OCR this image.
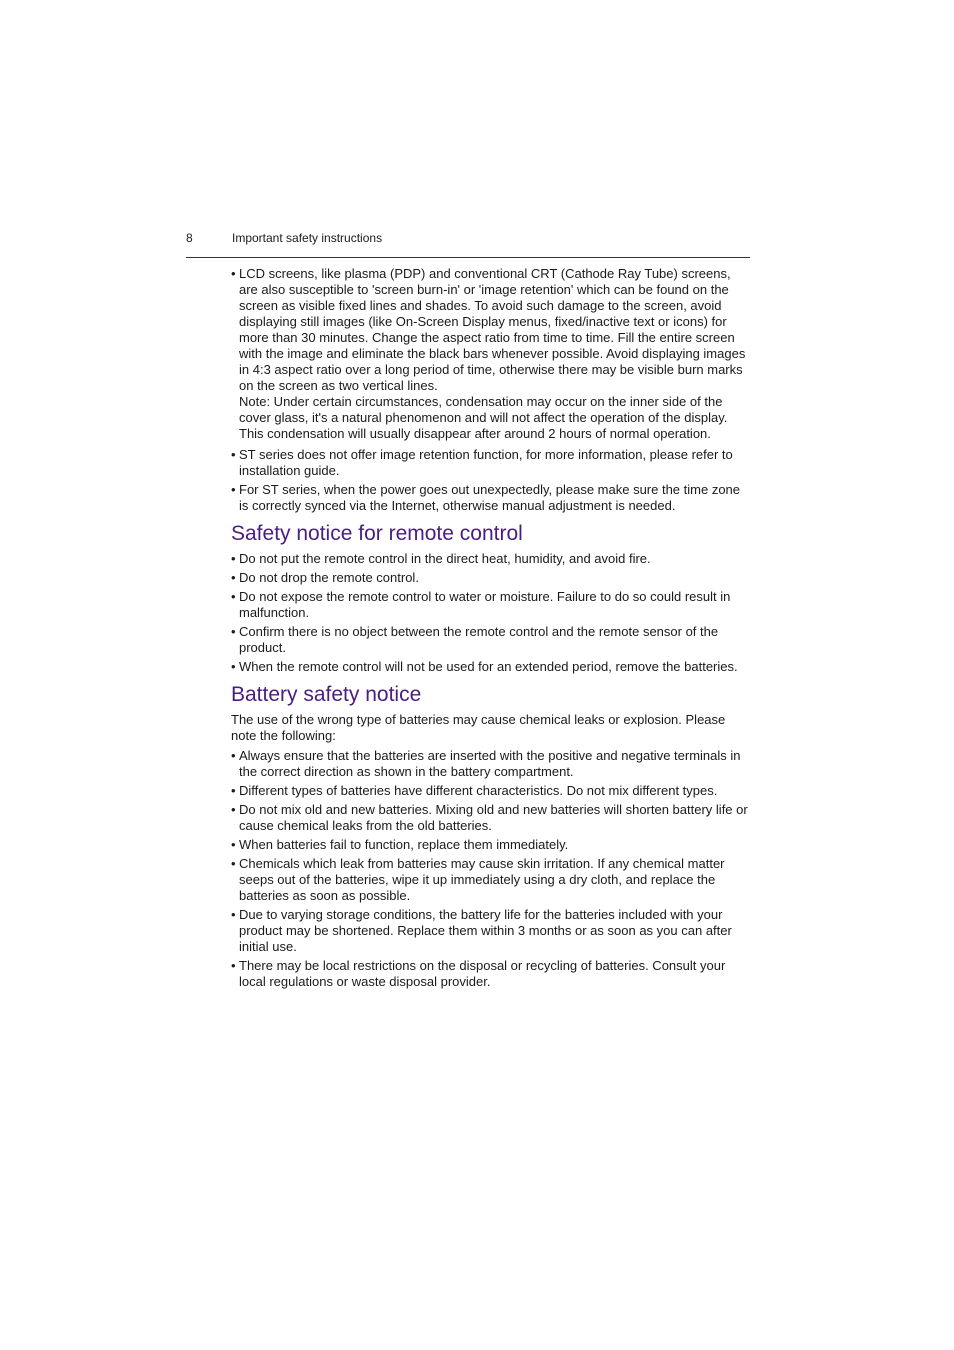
8	Important safety instructions
• LCD screens, like plasma (PDP) and conventional CRT (Cathode Ray Tube) screens, are also susceptible to 'screen burn-in' or 'image retention' which can be found on the screen as visible fixed lines and shades. To avoid such damage to the screen, avoid displaying still images (like On-Screen Display menus, fixed/inactive text or icons) for more than 30 minutes. Change the aspect ratio from time to time. Fill the entire screen with the image and eliminate the black bars whenever possible. Avoid displaying images in 4:3 aspect ratio over a long period of time, otherwise there may be visible burn marks on the screen as two vertical lines.
Note: Under certain circumstances, condensation may occur on the inner side of the cover glass, it's a natural phenomenon and will not affect the operation of the display. This condensation will usually disappear after around 2 hours of normal operation.
• ST series does not offer image retention function, for more information, please refer to installation guide.
• For ST series, when the power goes out unexpectedly, please make sure the time zone is correctly synced via the Internet, otherwise manual adjustment is needed.
Safety notice for remote control
• Do not put the remote control in the direct heat, humidity, and avoid fire.
• Do not drop the remote control.
• Do not expose the remote control to water or moisture. Failure to do so could result in malfunction.
• Confirm there is no object between the remote control and the remote sensor of the product.
• When the remote control will not be used for an extended period, remove the batteries.
Battery safety notice

The use of the wrong type of batteries may cause chemical leaks or explosion. Please note the following:

• Always ensure that the batteries are inserted with the positive and negative terminals in the correct direction as shown in the battery compartment.
• Different types of batteries have different characteristics. Do not mix different types.
• Do not mix old and new batteries. Mixing old and new batteries will shorten battery life or cause chemical leaks from the old batteries.
• When batteries fail to function, replace them immediately.
• Chemicals which leak from batteries may cause skin irritation. If any chemical matter seeps out of the batteries, wipe it up immediately using a dry cloth, and replace the batteries as soon as possible.
• Due to varying storage conditions, the battery life for the batteries included with your product may be shortened. Replace them within 3 months or as soon as you can after initial use.
• There may be local restrictions on the disposal or recycling of batteries. Consult your local regulations or waste disposal provider.
